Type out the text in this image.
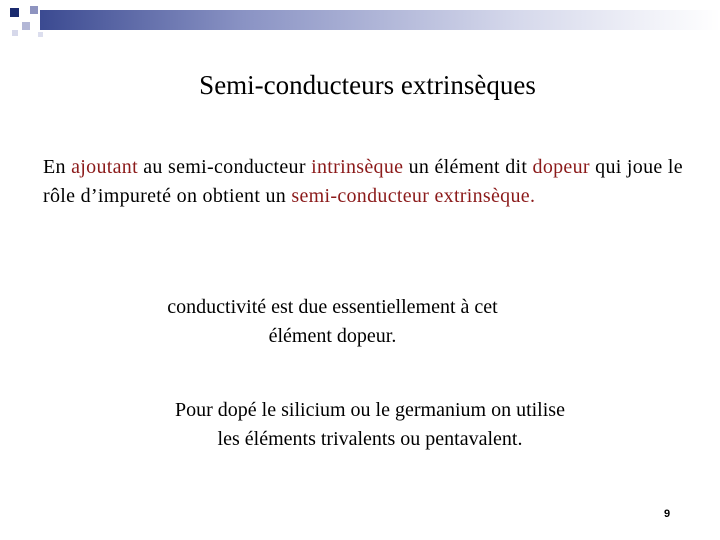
Semi-conducteurs extrinsèques
En ajoutant au semi-conducteur intrinsèque un élément dit dopeur qui joue le rôle d’impureté on obtient un semi-conducteur extrinsèque.
conductivité est due essentiellement à cet
élément dopeur.
Pour dopé le silicium ou le germanium on utilise
les éléments trivalents ou pentavalent.
9
